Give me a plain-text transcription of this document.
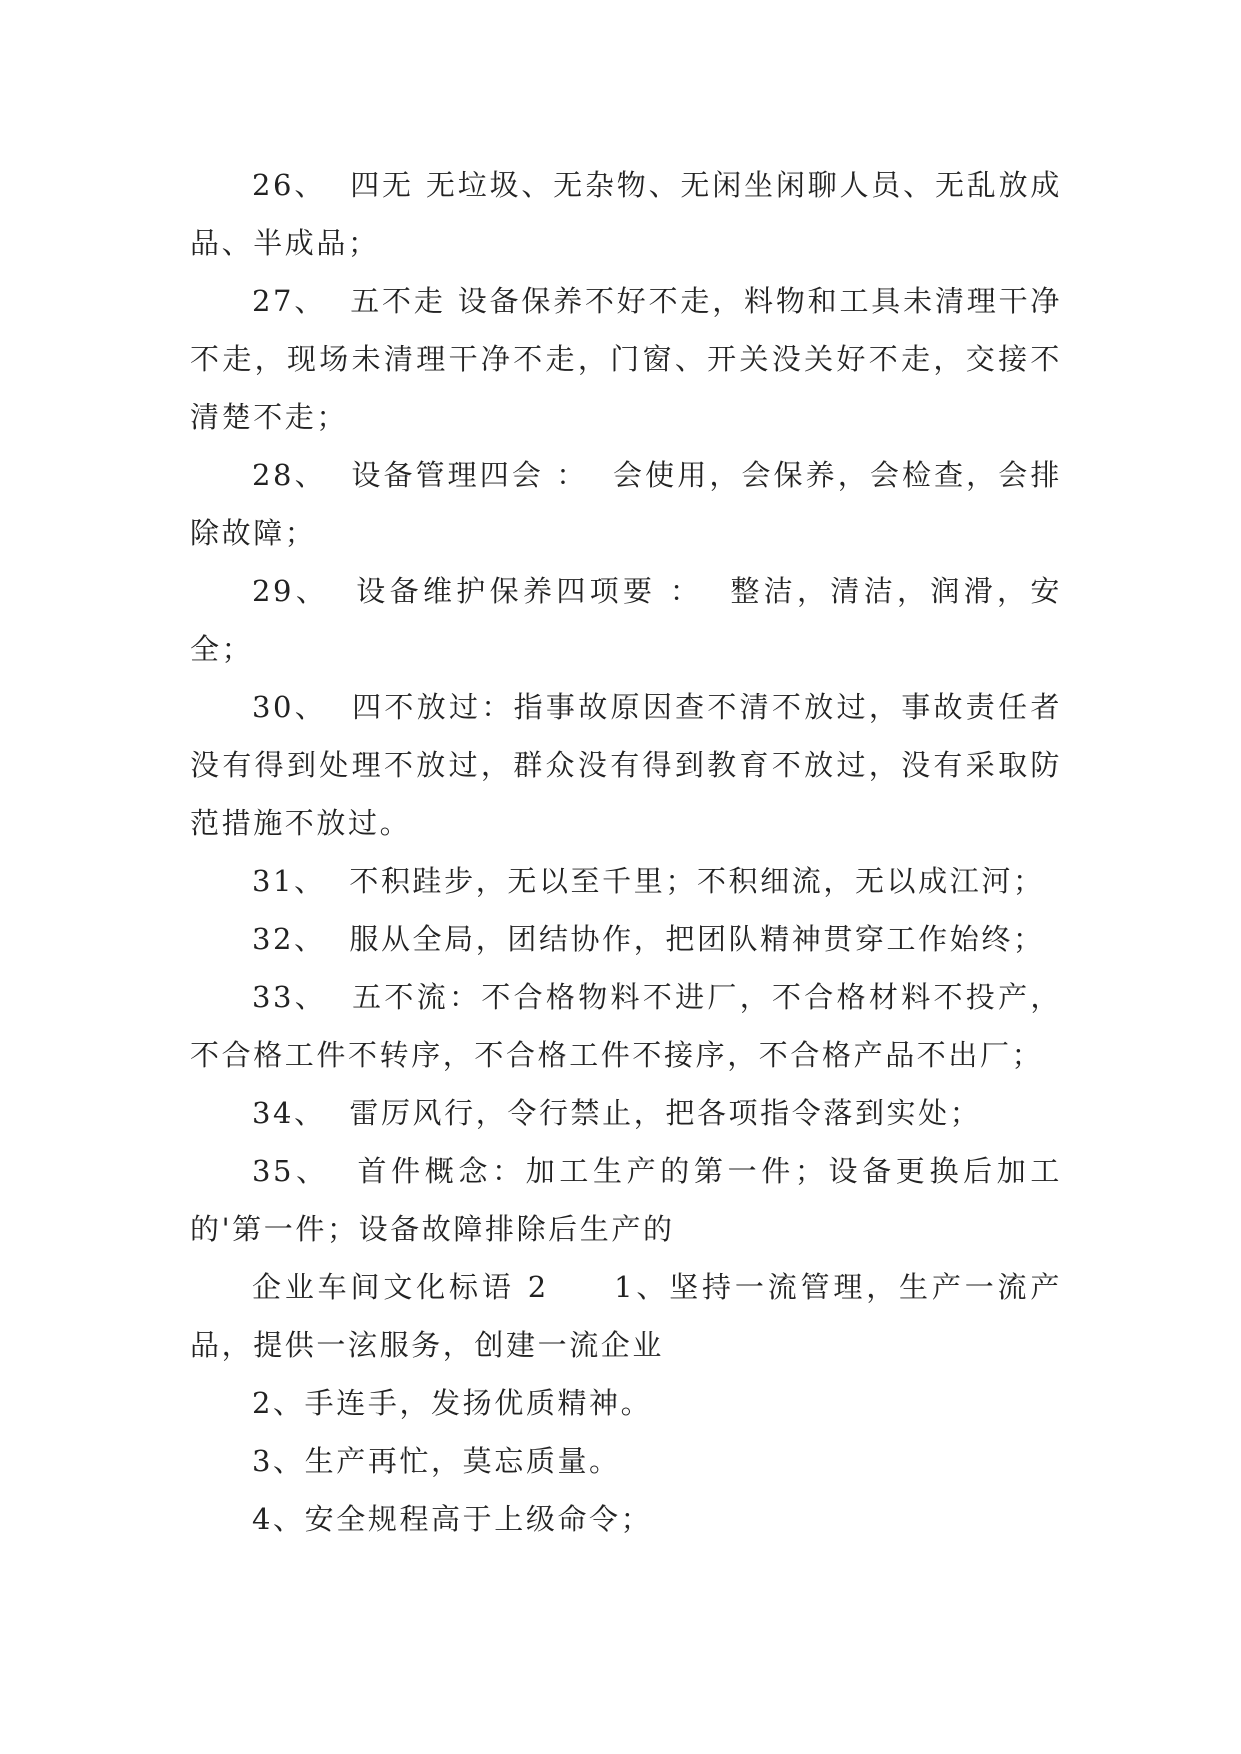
26、  四无 无垃圾、无杂物、无闲坐闲聊人员、无乱放成品、半成品；

27、  五不走 设备保养不好不走，料物和工具未清理干净不走，现场未清理干净不走，门窗、开关没关好不走，交接不清楚不走；

28、  设备管理四会 ：  会使用，会保养，会检查，会排除故障；

29、  设备维护保养四项要 ：  整洁，清洁，润滑，安全；

30、  四不放过：指事故原因查不清不放过，事故责任者没有得到处理不放过，群众没有得到教育不放过，没有采取防范措施不放过。

31、  不积跬步，无以至千里；不积细流，无以成江河；

32、  服从全局，团结协作，把团队精神贯穿工作始终；

33、  五不流：不合格物料不进厂，不合格材料不投产，不合格工件不转序，不合格工件不接序，不合格产品不出厂；

34、  雷厉风行，令行禁止，把各项指令落到实处；

35、  首件概念：加工生产的第一件；设备更换后加工的'第一件；设备故障排除后生产的

企业车间文化标语 2     1、坚持一流管理，生产一流产品，提供一泫服务，创建一流企业

2、手连手，发扬优质精神。

3、生产再忙，莫忘质量。

4、安全规程高于上级命令；
